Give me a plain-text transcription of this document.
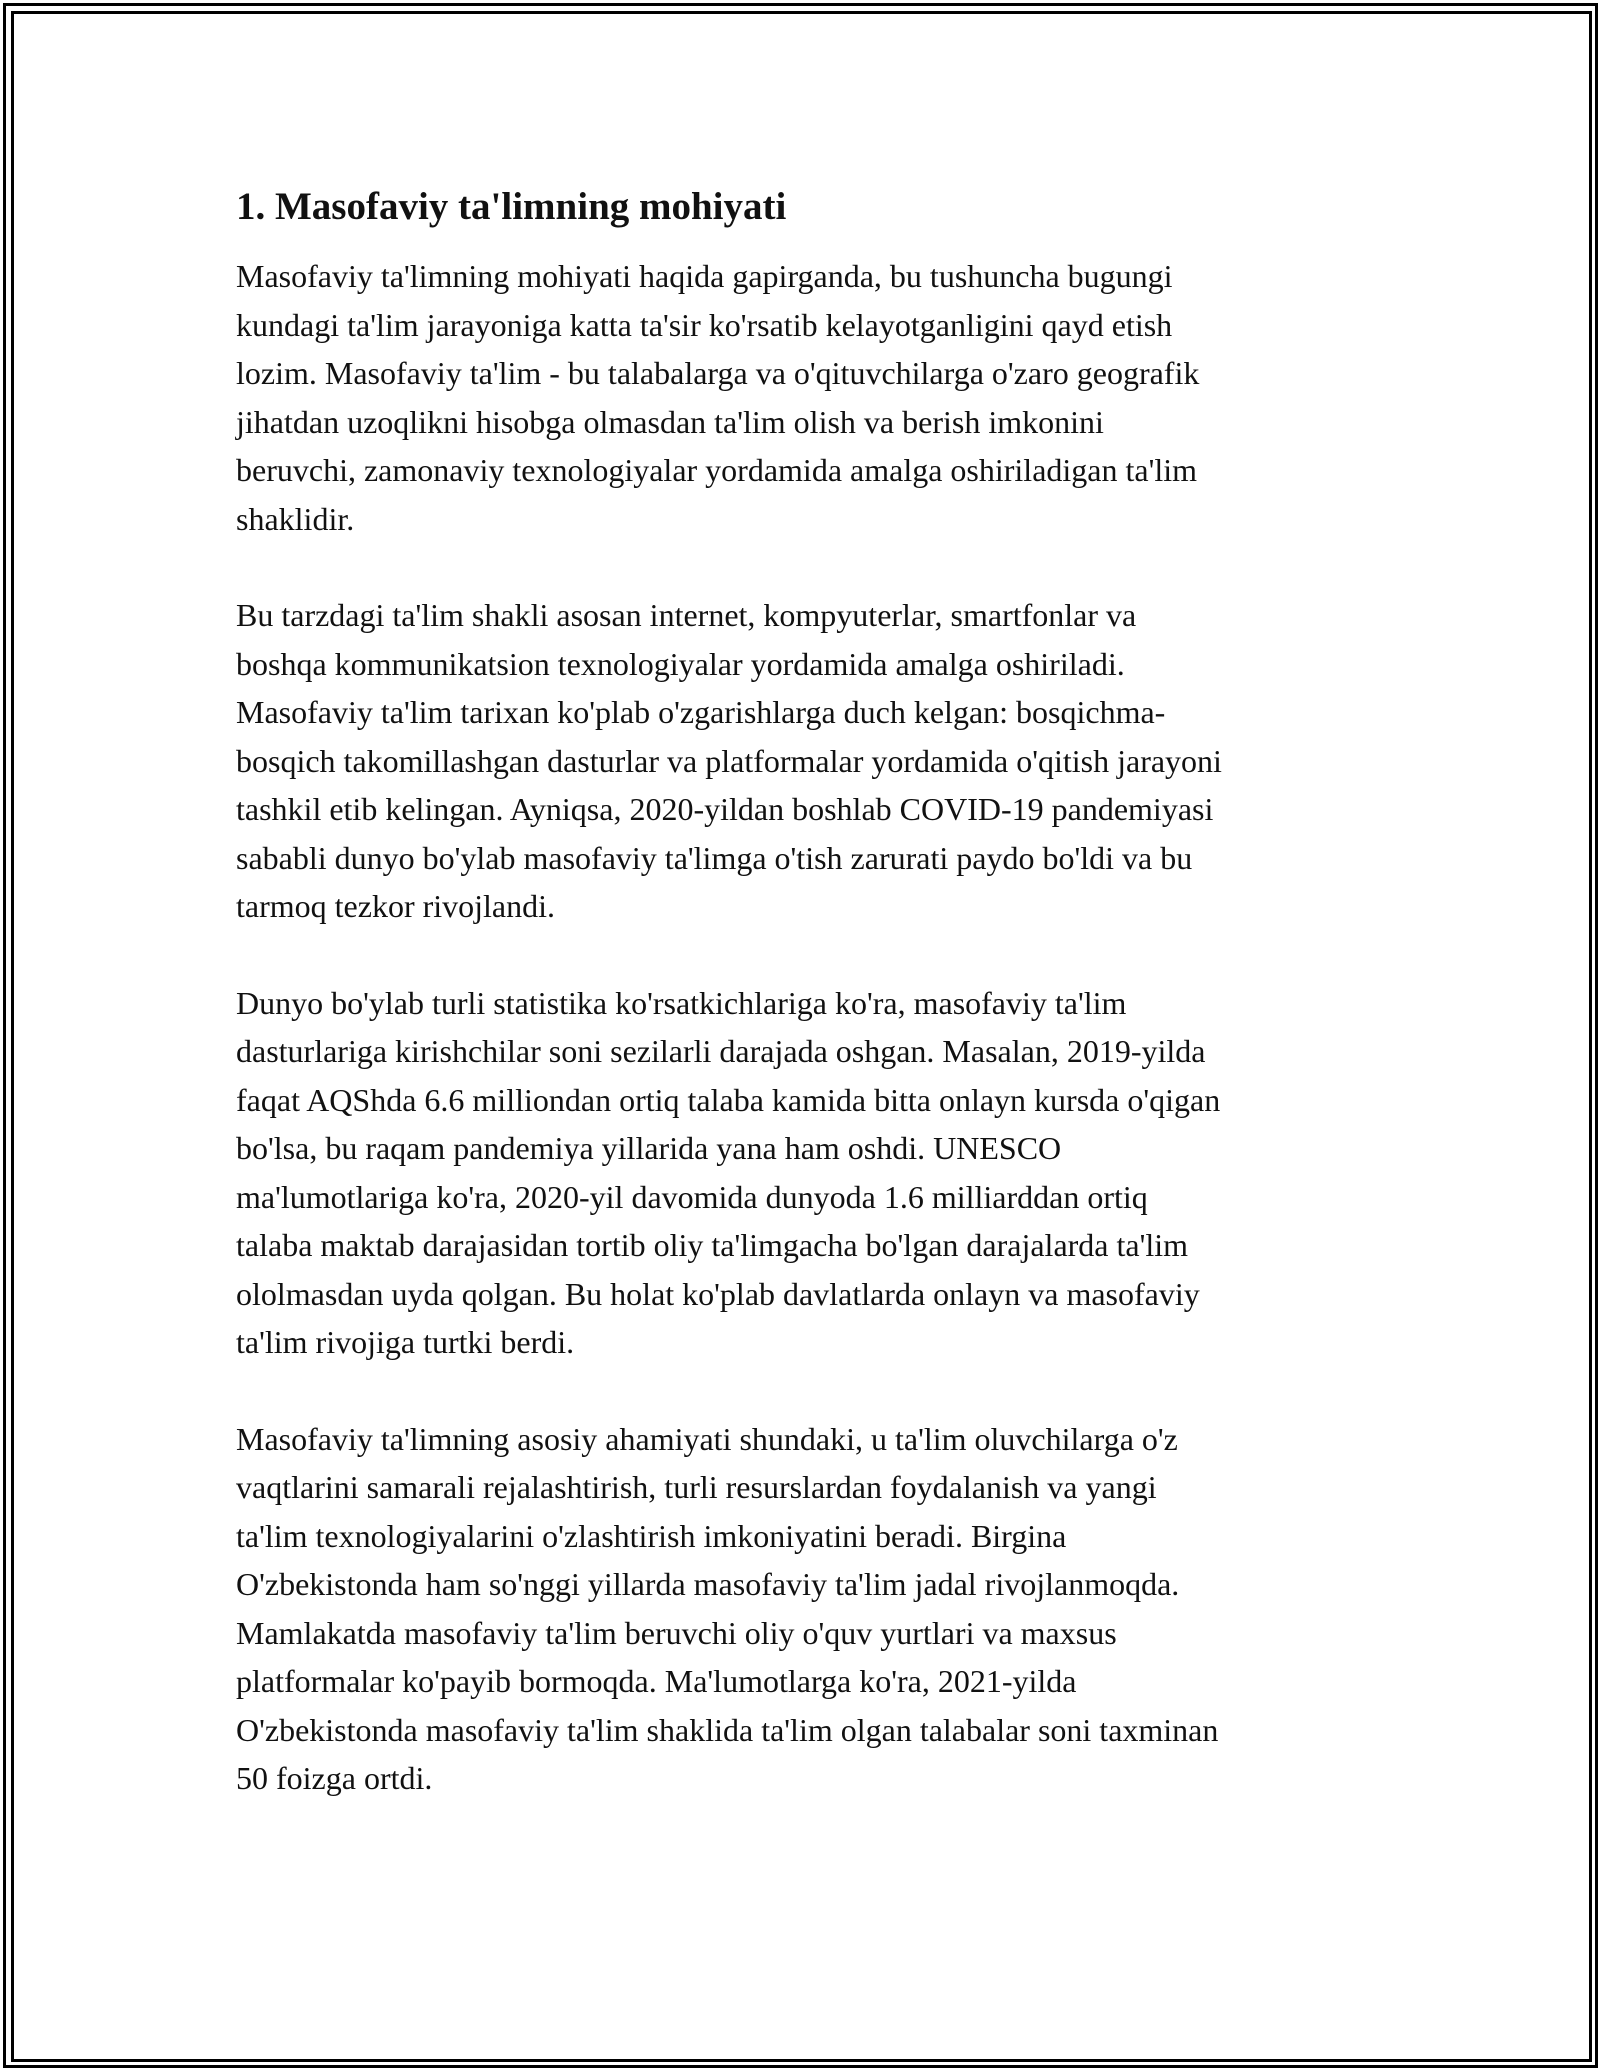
1. Masofaviy ta'limning mohiyati
Masofaviy ta'limning mohiyati haqida gapirganda, bu tushuncha bugungi
kundagi ta'lim jarayoniga katta ta'sir ko'rsatib kelayotganligini qayd etish
lozim. Masofaviy ta'lim - bu talabalarga va o'qituvchilarga o'zaro geografik
jihatdan uzoqlikni hisobga olmasdan ta'lim olish va berish imkonini
beruvchi, zamonaviy texnologiyalar yordamida amalga oshiriladigan ta'lim
shaklidir.
Bu tarzdagi ta'lim shakli asosan internet, kompyuterlar, smartfonlar va
boshqa kommunikatsion texnologiyalar yordamida amalga oshiriladi.
Masofaviy ta'lim tarixan ko'plab o'zgarishlarga duch kelgan: bosqichma-
bosqich takomillashgan dasturlar va platformalar yordamida o'qitish jarayoni
tashkil etib kelingan. Ayniqsa, 2020-yildan boshlab COVID-19 pandemiyasi
sababli dunyo bo'ylab masofaviy ta'limga o'tish zarurati paydo bo'ldi va bu
tarmoq tezkor rivojlandi.
Dunyo bo'ylab turli statistika ko'rsatkichlariga ko'ra, masofaviy ta'lim
dasturlariga kirishchilar soni sezilarli darajada oshgan. Masalan, 2019-yilda
faqat AQShda 6.6 milliondan ortiq talaba kamida bitta onlayn kursda o'qigan
bo'lsa, bu raqam pandemiya yillarida yana ham oshdi. UNESCO
ma'lumotlariga ko'ra, 2020-yil davomida dunyoda 1.6 milliarddan ortiq
talaba maktab darajasidan tortib oliy ta'limgacha bo'lgan darajalarda ta'lim
ololmasdan uyda qolgan. Bu holat ko'plab davlatlarda onlayn va masofaviy
ta'lim rivojiga turtki berdi.
Masofaviy ta'limning asosiy ahamiyati shundaki, u ta'lim oluvchilarga o'z
vaqtlarini samarali rejalashtirish, turli resurslardan foydalanish va yangi
ta'lim texnologiyalarini o'zlashtirish imkoniyatini beradi. Birgina
O'zbekistonda ham so'nggi yillarda masofaviy ta'lim jadal rivojlanmoqda.
Mamlakatda masofaviy ta'lim beruvchi oliy o'quv yurtlari va maxsus
platformalar ko'payib bormoqda. Ma'lumotlarga ko'ra, 2021-yilda
O'zbekistonda masofaviy ta'lim shaklida ta'lim olgan talabalar soni taxminan
50 foizga ortdi.
